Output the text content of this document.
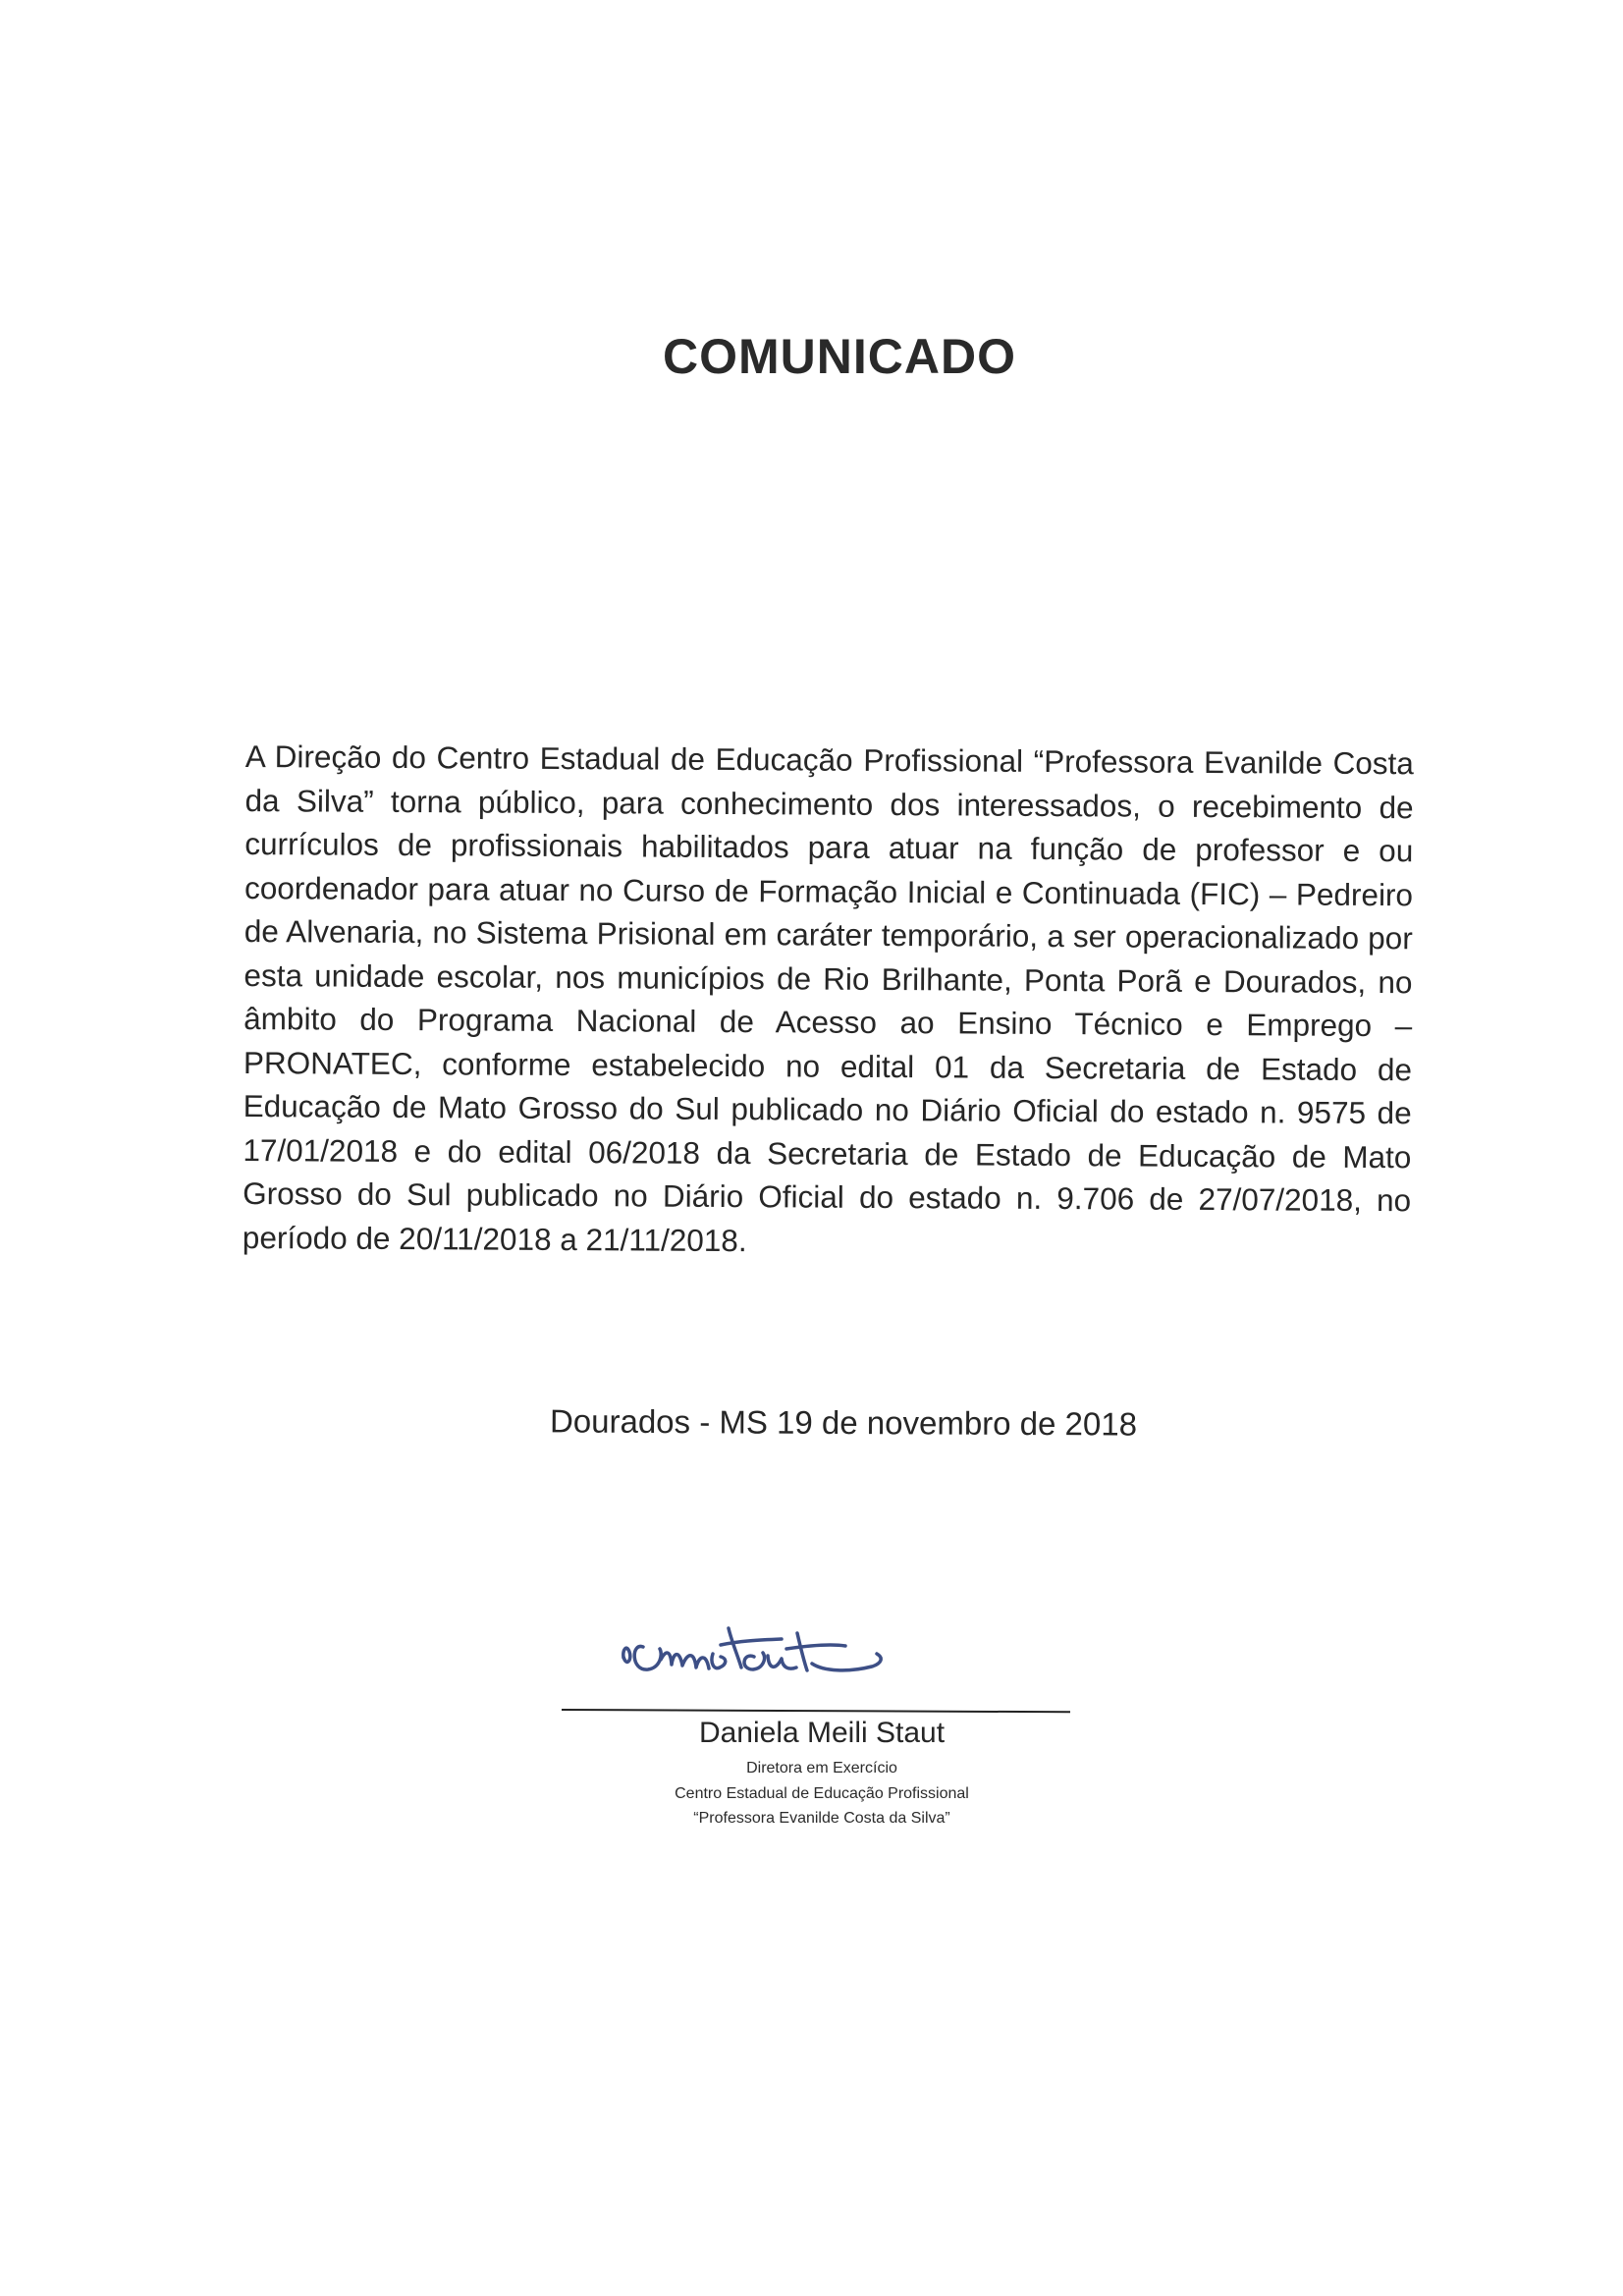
COMUNICADO

A Direção do Centro Estadual de Educação Profissional “Professora Evanilde Costa da Silva” torna público, para conhecimento dos interessados, o recebimento de currículos de profissionais habilitados para atuar na função de professor e ou coordenador para atuar no Curso de Formação Inicial e Continuada (FIC) – Pedreiro de Alvenaria, no Sistema Prisional em caráter temporário, a ser operacionalizado por esta unidade escolar, nos municípios de Rio Brilhante, Ponta Porã e Dourados, no âmbito do Programa Nacional de Acesso ao Ensino Técnico e Emprego – PRONATEC, conforme estabelecido no edital 01 da Secretaria de Estado de Educação de Mato Grosso do Sul publicado no Diário Oficial do estado n. 9575 de 17/01/2018 e do edital 06/2018 da Secretaria de Estado de Educação de Mato Grosso do Sul publicado no Diário Oficial do estado n. 9.706 de 27/07/2018, no período de 20/11/2018 a 21/11/2018.

Dourados - MS 19 de novembro de 2018
Daniela Meili Staut
Diretora em Exercício
Centro Estadual de Educação Profissional
“Professora Evanilde Costa da Silva”
